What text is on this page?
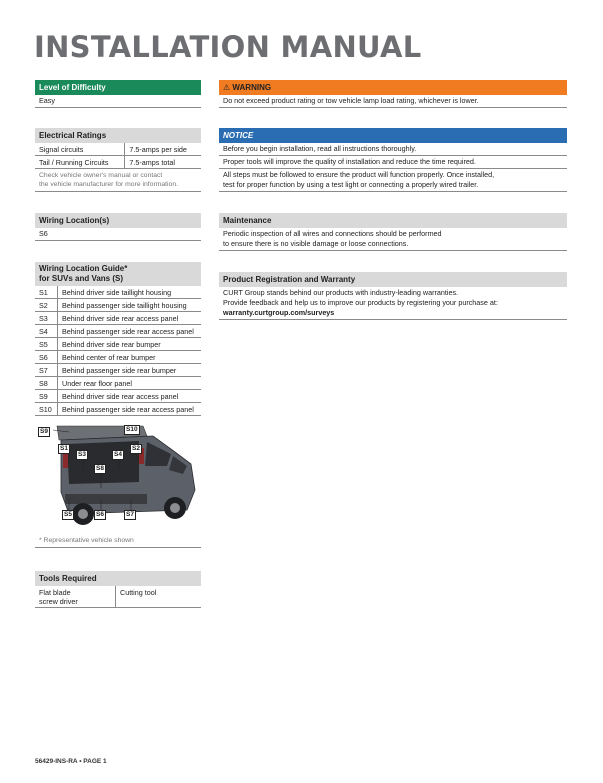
INSTALLATION MANUAL
Level of Difficulty
Easy
Electrical Ratings
Signal circuits	7.5-amps per side
Tail / Running Circuits	7.5-amps total
Check vehicle owner's manual or contact
the vehicle manufacturer for more information.
Wiring Location(s)
S6
Wiring Location Guide*
for SUVs and Vans (S)
S1	Behind driver side taillight housing
S2	Behind passenger side taillight housing
S3	Behind driver side rear access panel
S4	Behind passenger side rear access panel
S5	Behind driver side rear bumper
S6	Behind center of rear bumper
S7	Behind passenger side rear bumper
S8	Under rear floor panel
S9	Behind driver side rear access panel
S10	Behind passenger side rear access panel
S9	S10
S1
S3	S4
S2
S8
S5	S6	S7
* Representative vehicle shown
Tools Required
Flat blade
screw driver
	Cutting tool
⚠ WARNING
Do not exceed product rating or tow vehicle lamp load rating, whichever is lower.
NOTICE
Before you begin installation, read all instructions thoroughly.
Proper tools will improve the quality of installation and reduce the time required.
All steps must be followed to ensure the product will function properly. Once installed,
test for proper function by using a test light or connecting a properly wired trailer.
Maintenance
Periodic inspection of all wires and connections should be performed
to ensure there is no visible damage or loose connections.
Product Registration and Warranty
CURT Group stands behind our products with industry-leading warranties.
Provide feedback and help us to improve our products by registering your purchase at:
warranty.curtgroup.com/surveys
56429-INS-RA • PAGE 1
